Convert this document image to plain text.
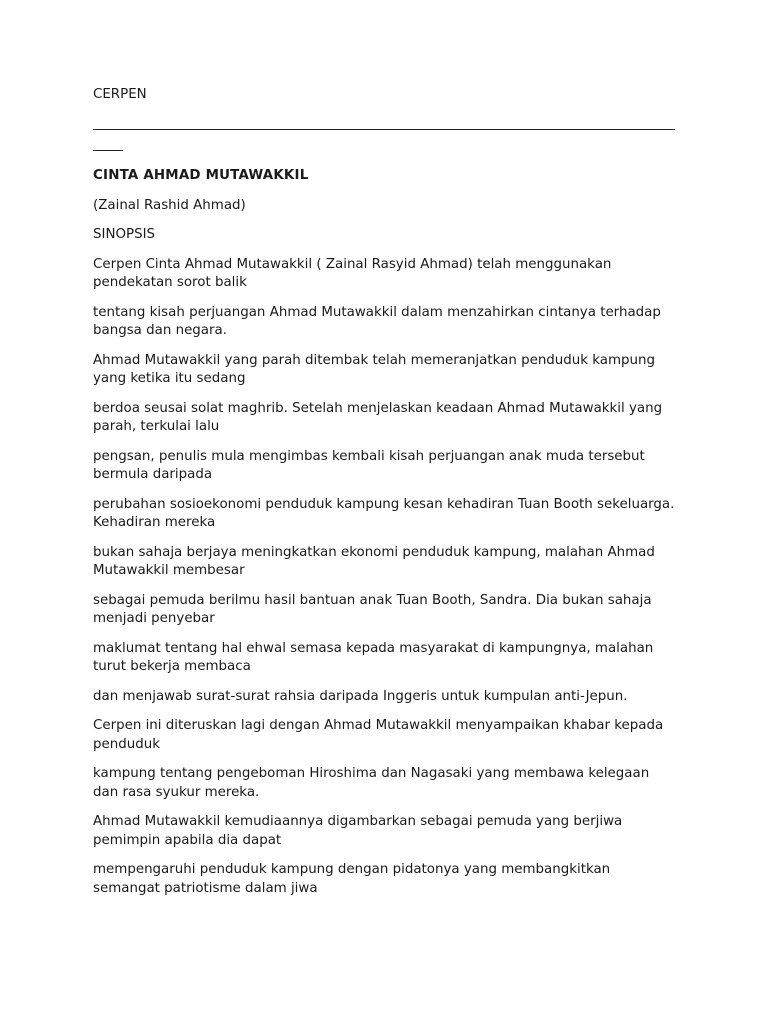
CERPEN

CINTA AHMAD MUTAWAKKIL

(Zainal Rashid Ahmad)

SINOPSIS

Cerpen Cinta Ahmad Mutawakkil ( Zainal Rasyid Ahmad) telah menggunakan pendekatan sorot balik

tentang kisah perjuangan Ahmad Mutawakkil dalam menzahirkan cintanya terhadap bangsa dan negara.

Ahmad Mutawakkil yang parah ditembak telah memeranjatkan penduduk kampung yang ketika itu sedang

berdoa seusai solat maghrib. Setelah menjelaskan keadaan Ahmad Mutawakkil yang parah, terkulai lalu

pengsan, penulis mula mengimbas kembali kisah perjuangan anak muda tersebut bermula daripada

perubahan sosioekonomi penduduk kampung kesan kehadiran Tuan Booth sekeluarga. Kehadiran mereka

bukan sahaja berjaya meningkatkan ekonomi penduduk kampung, malahan Ahmad Mutawakkil membesar

sebagai pemuda berilmu hasil bantuan anak Tuan Booth, Sandra. Dia bukan sahaja menjadi penyebar

maklumat tentang hal ehwal semasa kepada masyarakat di kampungnya, malahan turut bekerja membaca

dan menjawab surat-surat rahsia daripada Inggeris untuk kumpulan anti-Jepun.

Cerpen ini diteruskan lagi dengan Ahmad Mutawakkil menyampaikan khabar kepada penduduk

kampung tentang pengeboman Hiroshima dan Nagasaki yang membawa kelegaan dan rasa syukur mereka.

Ahmad Mutawakkil kemudiaannya digambarkan sebagai pemuda yang berjiwa pemimpin apabila dia dapat

mempengaruhi penduduk kampung dengan pidatonya yang membangkitkan semangat patriotisme dalam jiwa
